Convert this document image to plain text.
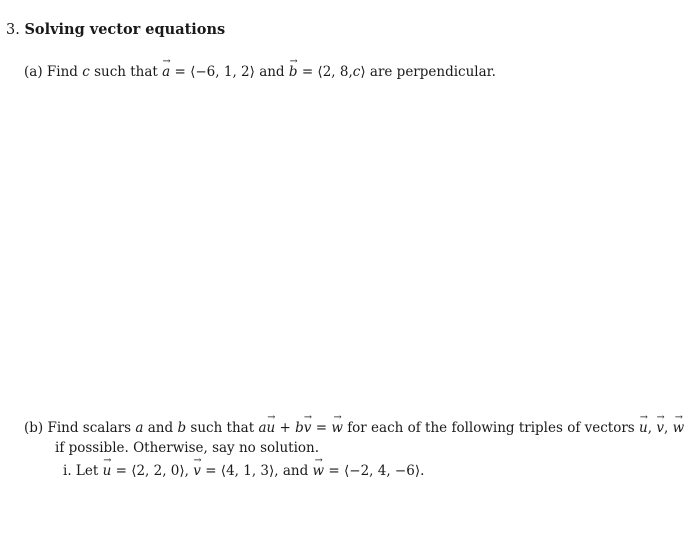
3. Solving vector equations
(a) Find c such that → a = ⟨−6, 1, 2⟩ and → b = ⟨2, 8,c⟩ are perpendicular.
(b) Find scalars a and b such that a→ u + b→ v = → w for each of the following triples of vectors → u, → v, → w
if possible. Otherwise, say no solution.
i. Let → u = ⟨2, 2, 0⟩, → v = ⟨4, 1, 3⟩, and → w = ⟨−2, 4, −6⟩.
